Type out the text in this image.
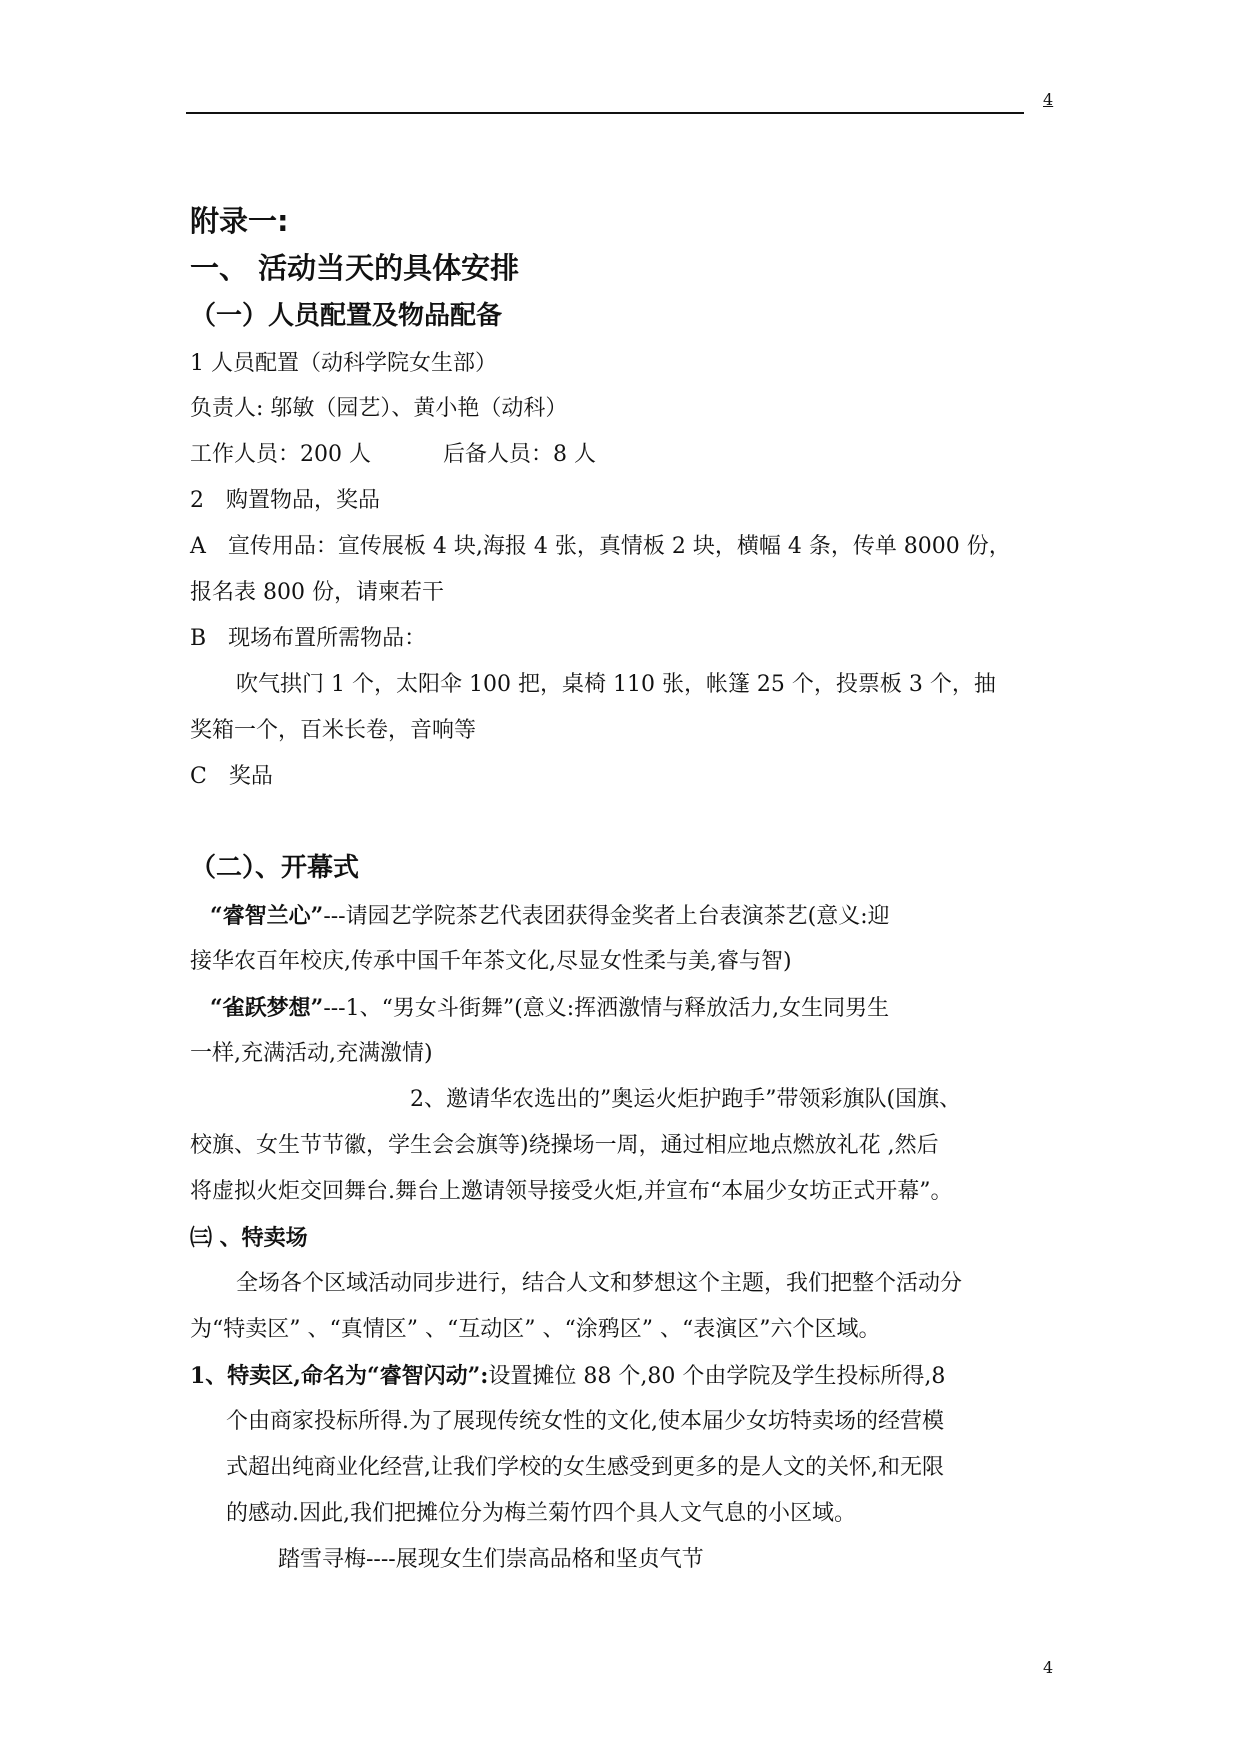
4
附录一:
一、 活动当天的具体安排
（一）人员配置及物品配备
1 人员配置（动科学院女生部）
负责人: 邬敏（园艺）、黄小艳（动科）
工作人员：200 人	后备人员：8 人
2　购置物品，奖品
A　宣传用品：宣传展板 4 块,海报 4 张，真情板 2 块，横幅 4 条，传单 8000 份，
报名表 800 份，请柬若干
B　现场布置所需物品：
吹气拱门 1 个，太阳伞 100 把，桌椅 110 张，帐篷 25 个，投票板 3 个，抽
奖箱一个，百米长卷，音响等
C　奖品
（二）、开幕式
“睿智兰心”---请园艺学院茶艺代表团获得金奖者上台表演茶艺(意义:迎
接华农百年校庆,传承中国千年茶文化,尽显女性柔与美,睿与智)
“雀跃梦想”---1、“男女斗街舞”(意义:挥洒激情与释放活力,女生同男生
一样,充满活动,充满激情)
2、邀请华农选出的”奥运火炬护跑手”带领彩旗队(国旗、
校旗、女生节节徽，学生会会旗等)绕操场一周，通过相应地点燃放礼花 ,然后
将虚拟火炬交回舞台.舞台上邀请领导接受火炬,并宣布“本届少女坊正式开幕”。
㈢ 、特卖场
全场各个区域活动同步进行，结合人文和梦想这个主题，我们把整个活动分
为“特卖区” 、“真情区” 、“互动区” 、“涂鸦区” 、“表演区”六个区域。
1、特卖区,命名为“睿智闪动”:设置摊位 88 个,80 个由学院及学生投标所得,8
个由商家投标所得.为了展现传统女性的文化,使本届少女坊特卖场的经营模
式超出纯商业化经营,让我们学校的女生感受到更多的是人文的关怀,和无限
的感动.因此,我们把摊位分为梅兰菊竹四个具人文气息的小区域。
踏雪寻梅----展现女生们崇高品格和坚贞气节
4
